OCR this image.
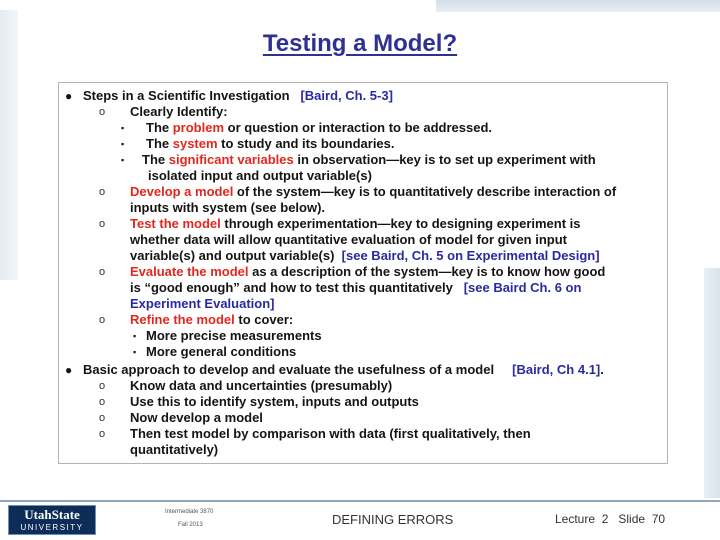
Testing a Model?
● Steps in a Scientific Investigation [Baird, Ch. 5-3]
o Clearly Identify:
▪ The problem or question or interaction to be addressed.
▪ The system to study and its boundaries.
▪ The significant variables in observation—key is to set up experiment with
isolated input and output variable(s)
o Develop a model of the system—key is to quantitatively describe interaction of
inputs with system (see below).
o Test the model through experimentation—key to designing experiment is
whether data will allow quantitative evaluation of model for given input
variable(s) and output variable(s) [see Baird, Ch. 5 on Experimental Design]
o Evaluate the model as a description of the system—key is to know how good
is “good enough” and how to test this quantitatively [see Baird Ch. 6 on
Experiment Evaluation]
o Refine the model to cover:
▪ More precise measurements
▪ More general conditions
● Basic approach to develop and evaluate the usefulness of a model [Baird, Ch 4.1].
o Know data and uncertainties (presumably)
o Use this to identify system, inputs and outputs
o Now develop a model
o Then test model by comparison with data (first qualitatively, then
quantitatively)
UtahState
UNIVERSITY
Intermediate 3870
Fall 2013	DEFINING ERRORS	Lecture  2   Slide  70
